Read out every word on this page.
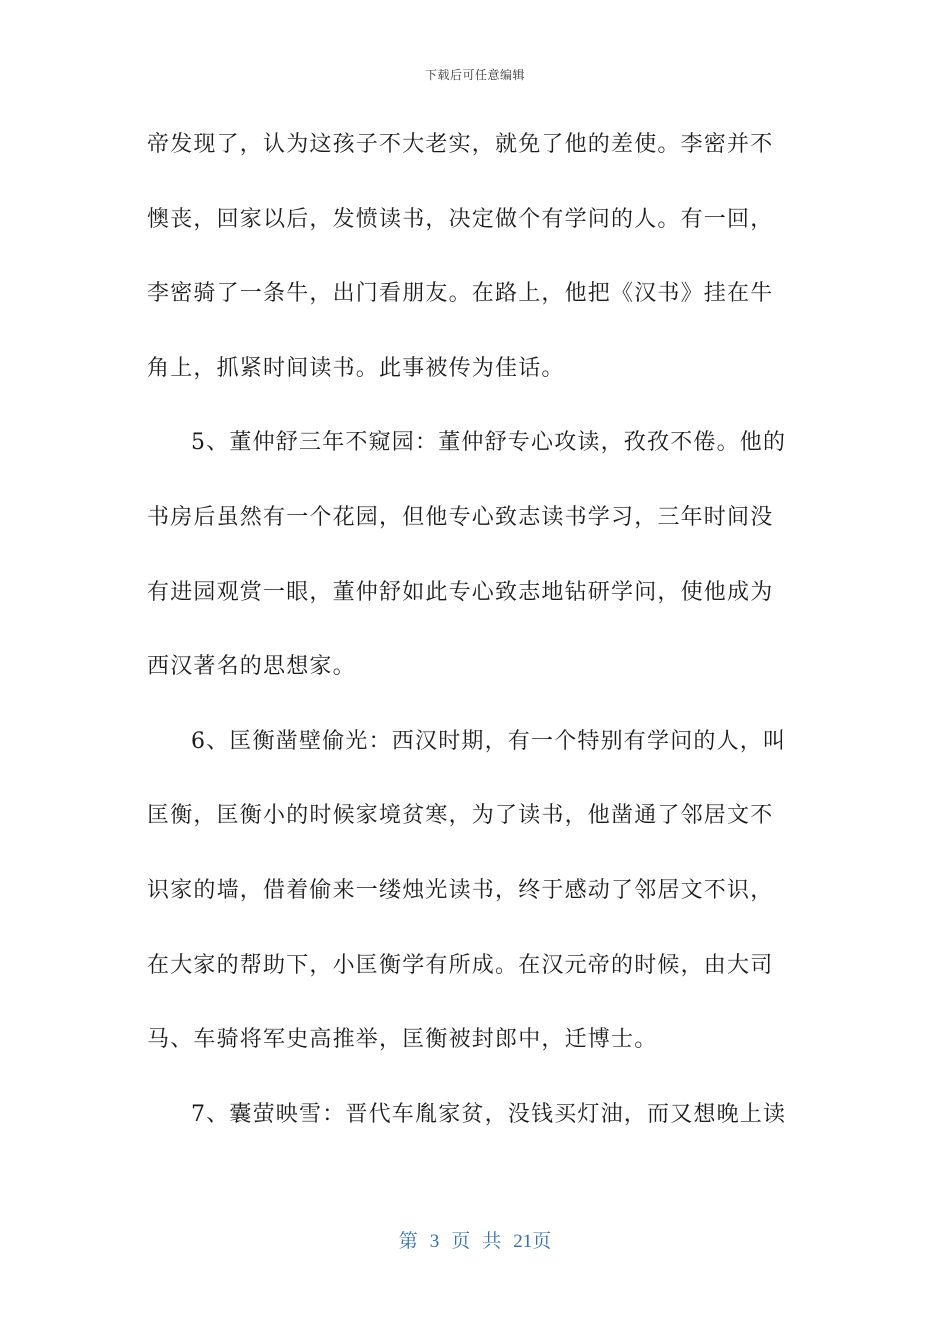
下载后可任意编辑
帝发现了，认为这孩子不大老实，就免了他的差使。李密并不
懊丧，回家以后，发愤读书，决定做个有学问的人。有一回，
李密骑了一条牛，出门看朋友。在路上，他把《汉书》挂在牛
角上，抓紧时间读书。此事被传为佳话。
5、董仲舒三年不窥园：董仲舒专心攻读，孜孜不倦。他的
书房后虽然有一个花园，但他专心致志读书学习，三年时间没
有进园观赏一眼，董仲舒如此专心致志地钻研学问，使他成为
西汉著名的思想家。
6、匡衡凿壁偷光：西汉时期，有一个特别有学问的人，叫
匡衡，匡衡小的时候家境贫寒，为了读书，他凿通了邻居文不
识家的墙，借着偷来一缕烛光读书，终于感动了邻居文不识，
在大家的帮助下，小匡衡学有所成。在汉元帝的时候，由大司
马、车骑将军史高推举，匡衡被封郎中，迁博士。
7、囊萤映雪：晋代车胤家贫，没钱买灯油，而又想晚上读
第 3 页 共 21页
